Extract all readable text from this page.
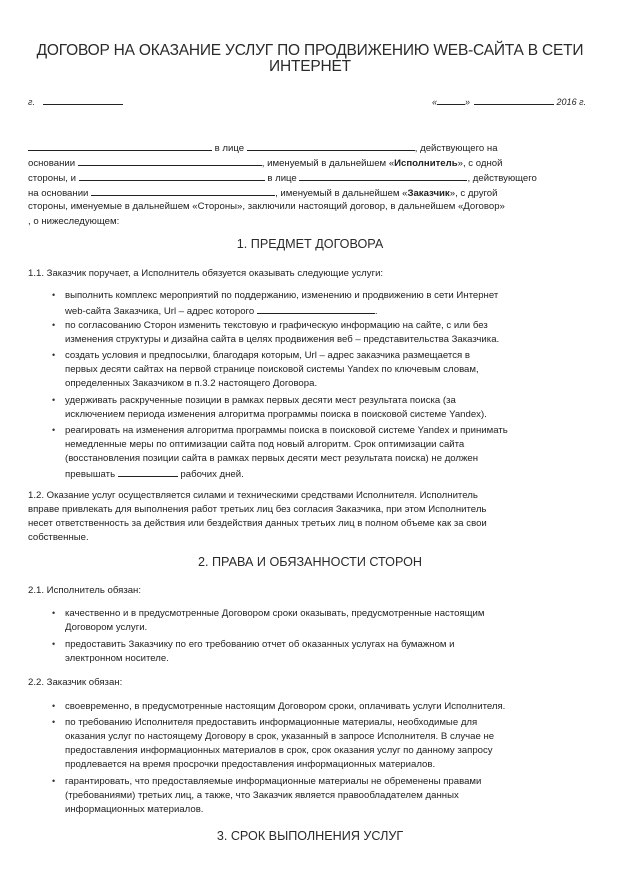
ДОГОВОР НА ОКАЗАНИЕ УСЛУГ ПО ПРОДВИЖЕНИЮ WEB-САЙТА В СЕТИ ИНТЕРНЕТ
г.	«	»	2016 г.
в лице	, действующего на
основании	, именуемый в дальнейшем «Исполнитель», с одной
стороны, и	в лице	, действующего
на основании	, именуемый в дальнейшем «Заказчик», с другой
стороны, именуемые в дальнейшем «Стороны», заключили настоящий договор, в дальнейшем «Договор»
, о нижеследующем:
1. ПРЕДМЕТ ДОГОВОРА
1.1. Заказчик поручает, а Исполнитель обязуется оказывать следующие услуги:
• выполнить комплекс мероприятий по поддержанию, изменению и продвижению в сети Интернет
web-сайта Заказчика, Url – адрес которого	.
• по согласованию Сторон изменить текстовую и графическую информацию на сайте, с или без
изменения структуры и дизайна сайта в целях продвижения веб – представительства Заказчика.
• создать условия и предпосылки, благодаря которым, Url – адрес заказчика размещается в
первых десяти сайтах на первой странице поисковой системы Yandex по ключевым словам,
определенных Заказчиком в п.3.2 настоящего Договора.
• удерживать раскрученные позиции в рамках первых десяти мест результата поиска (за
исключением периода изменения алгоритма программы поиска в поисковой системе Yandex).
• реагировать на изменения алгоритма программы поиска в поисковой системе Yandex и принимать
немедленные меры по оптимизации сайта под новый алгоритм. Срок оптимизации сайта
(восстановления позиции сайта в рамках первых десяти мест результата поиска) не должен
превышать	рабочих дней.
1.2. Оказание услуг осуществляется силами и техническими средствами Исполнителя. Исполнитель
вправе привлекать для выполнения работ третьих лиц без согласия Заказчика, при этом Исполнитель
несет ответственность за действия или бездействия данных третьих лиц в полном объеме как за свои
собственные.
2. ПРАВА И ОБЯЗАННОСТИ СТОРОН
2.1. Исполнитель обязан:
• качественно и в предусмотренные Договором сроки оказывать, предусмотренные настоящим
Договором услуги.
• предоставить Заказчику по его требованию отчет об оказанных услугах на бумажном и
электронном носителе.
2.2. Заказчик обязан:
• своевременно, в предусмотренные настоящим Договором сроки, оплачивать услуги Исполнителя.
• по требованию Исполнителя предоставить информационные материалы, необходимые для
оказания услуг по настоящему Договору в срок, указанный в запросе Исполнителя. В случае не
предоставления информационных материалов в срок, срок оказания услуг по данному запросу
продлевается на время просрочки предоставления информационных материалов.
• гарантировать, что предоставляемые информационные материалы не обременены правами
(требованиями) третьих лиц, а также, что Заказчик является правообладателем данных
информационных материалов.
3. СРОК ВЫПОЛНЕНИЯ УСЛУГ
